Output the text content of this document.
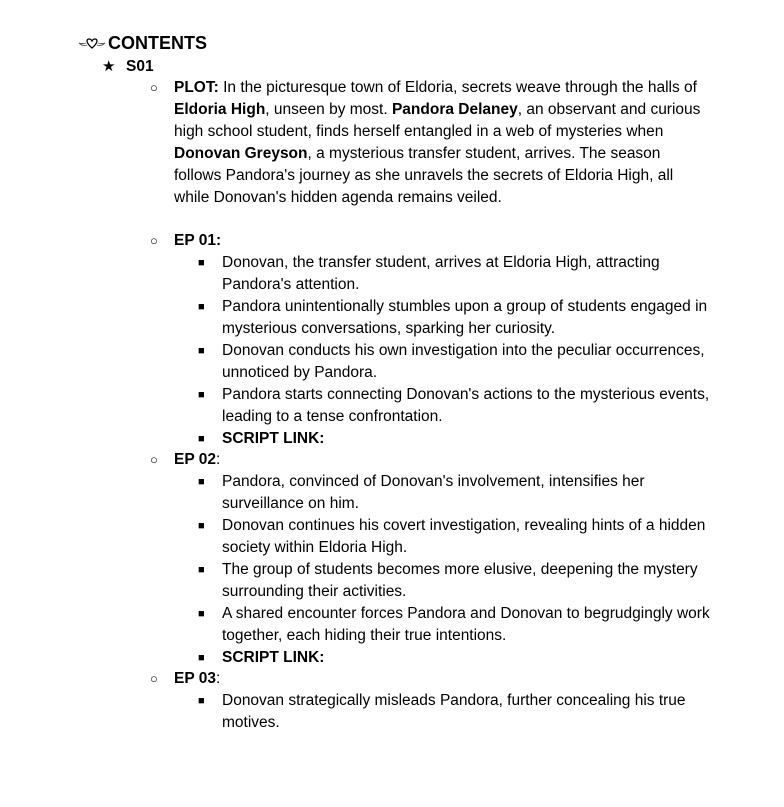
CONTENTS
★ S01
○	PLOT: In the picturesque town of Eldoria, secrets weave through the halls of Eldoria High, unseen by most. Pandora Delaney, an observant and curious high school student, finds herself entangled in a web of mysteries when Donovan Greyson, a mysterious transfer student, arrives. The season follows Pandora's journey as she unravels the secrets of Eldoria High, all while Donovan's hidden agenda remains veiled.
○	EP 01:
■	Donovan, the transfer student, arrives at Eldoria High, attracting Pandora's attention.
■	Pandora unintentionally stumbles upon a group of students engaged in mysterious conversations, sparking her curiosity.
■	Donovan conducts his own investigation into the peculiar occurrences, unnoticed by Pandora.
■	Pandora starts connecting Donovan's actions to the mysterious events, leading to a tense confrontation.
■	SCRIPT LINK:
○	EP 02:
■	Pandora, convinced of Donovan's involvement, intensifies her surveillance on him.
■	Donovan continues his covert investigation, revealing hints of a hidden society within Eldoria High.
■	The group of students becomes more elusive, deepening the mystery surrounding their activities.
■	A shared encounter forces Pandora and Donovan to begrudgingly work together, each hiding their true intentions.
■	SCRIPT LINK:
○	EP 03:
■	Donovan strategically misleads Pandora, further concealing his true motives.
